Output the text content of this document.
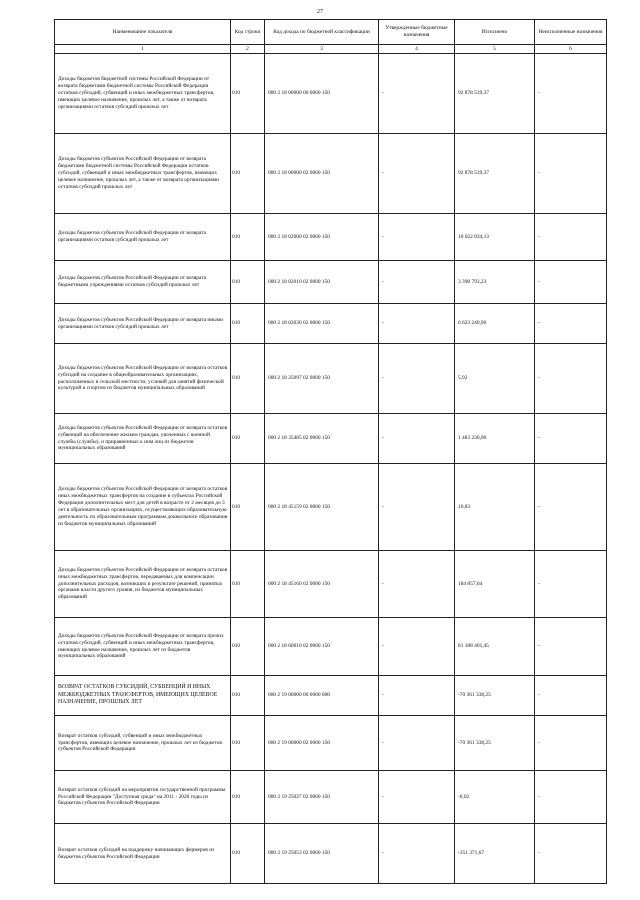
27
Наименование показателя	Код строки	Код дохода по бюджетной классификации	Утвержденные бюджетные назначения	Исполнено	Неисполненные назначения
1	2	3	4	5	6
Доходы бюджетов бюджетной системы Российской Федерации от возврата бюджетами бюджетной системы Российской Федерации остатков субсидий, субвенций и иных межбюджетных трансфертов, имеющих целевое назначение, прошлых лет, а также от возврата организациями остатков субсидий прошлых лет	010	000 2 18 00000 00 0000 150	-	92 878 539,37	-
Доходы бюджетов субъектов Российской Федерации от возврата бюджетами бюджетной системы Российской Федерации остатков субсидий, субвенций и иных межбюджетных трансфертов, имеющих целевое назначение, прошлых лет, а также от возврата организациями остатков субсидий прошлых лет	010	000 2 18 00000 02 0000 150	-	92 878 539,37	-
Доходы бюджетов субъектов Российской Федерации от возврата организациями остатков субсидий прошлых лет	010	000 2 18 02000 02 0000 150	-	10 022 034,13	-
Доходы бюджетов субъектов Российской Федерации от возврата бюджетными учреждениями остатков субсидий прошлых лет	010	000 2 18 02010 02 0000 150	-	3 398 793,23	-
Доходы бюджетов субъектов Российской Федерации от возврата иными организациями остатков субсидий прошлых лет	010	000 2 18 02030 02 0000 150	-	6 623 240,90	-
Доходы бюджетов субъектов Российской Федерации от возврата остатков субсидий на создание в общеобразовательных организациях, расположенных в сельской местности, условий для занятий физической культурой и спортом из бюджетов муниципальных образований	010	000 2 18 25097 02 0000 150	-	5,92	-
Доходы бюджетов субъектов Российской Федерации от возврата остатков субвенций на обеспечение жильем граждан, уволенных с военной службы (службы), и приравненных к ним лиц из бюджетов муниципальных образований	010	000 2 18 35485 02 0000 150	-	1 483 230,00	-
Доходы бюджетов субъектов Российской Федерации от возврата остатков иных межбюджетных трансфертов на создание в субъектах Российской Федерации дополнительных мест для детей в возрасте от 2 месяцев до 3 лет в образовательных организациях, осуществляющих образовательную деятельность по образовательным программам дошкольного образования из бюджетов муниципальных образований	010	000 2 18 45159 02 0000 150	-	10,83	-
Доходы бюджетов субъектов Российской Федерации от возврата остатков иных межбюджетных трансфертов, передаваемых для компенсации дополнительных расходов, возникших в результате решений, принятых органами власти другого уровня, из бюджетов муниципальных образований	010	000 2 18 45160 02 0000 150	-	184 857,04	-
Доходы бюджетов субъектов Российской Федерации от возврата прочих остатков субсидий, субвенций и иных межбюджетных трансфертов, имеющих целевое назначение, прошлых лет из бюджетов муниципальных образований	010	000 2 18 60010 02 0000 150	-	81 188 401,45	-
ВОЗВРАТ ОСТАТКОВ СУБСИДИЙ, СУБВЕНЦИЙ И ИНЫХ МЕЖБЮДЖЕТНЫХ ТРАНСФЕРТОВ, ИМЕЮЩИХ ЦЕЛЕВОЕ НАЗНАЧЕНИЕ, ПРОШЛЫХ ЛЕТ	010	000 2 19 00000 00 0000 000	-	-70 361 338,25	-
Возврат остатков субсидий, субвенций и иных межбюджетных трансфертов, имеющих целевое назначение, прошлых лет из бюджетов субъектов Российской Федерации	010	000 2 19 00000 02 0000 150	-	-70 361 338,25	-
Возврат остатков субсидий на мероприятия государственной программы Российской Федерации "Доступная среда" на 2011 - 2020 годы из бюджетов субъектов Российской Федерации	010	000 2 19 25027 02 0000 150	-	-0,02	-
Возврат остатков субсидий на поддержку начинающих фермеров из бюджетов субъектов Российской Федерации	010	000 2 19 25053 02 0000 150	-	-351 371,67	-
